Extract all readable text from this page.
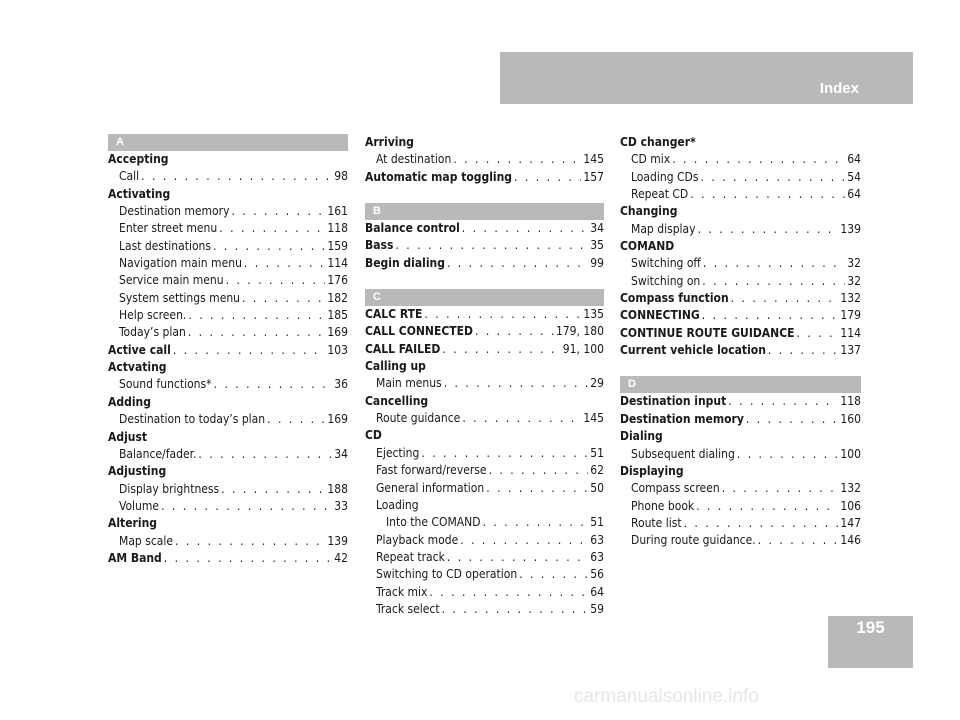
Index
A
Accepting
Call . . .	98
Activating
Destination memory . . .	161
Enter street menu . . .	118
Last destinations . . .	159
Navigation main menu . . .	114
Service main menu . . .	176
System settings menu . . .	182
Help screen. . . .	185
Today’s plan . . .	169
Active call . . .	103
Actvating
Sound functions* . . .	36
Adding
Destination to today’s plan . . .	169
Adjust
Balance/fader. . . .	34
Adjusting
Display brightness . . .	188
Volume . . .	33
Altering
Map scale . . .	139
AM Band . . .	42
Arriving
At destination . . .	145
Automatic map toggling . . .	157
B
Balance control . . .	34
Bass . . .	35
Begin dialing . . .	99
C
CALC RTE . . .	135
CALL CONNECTED . . .	179, 180
CALL FAILED . . .	91, 100
Calling up
Main menus . . .	29
Cancelling
Route guidance . . .	145
CD
Ejecting . . .	51
Fast forward/reverse . . .	62
General information . . .	50
Loading
Into the COMAND . . .	51
Playback mode . . .	63
Repeat track . . .	63
Switching to CD operation . . .	56
Track mix . . .	64
Track select . . .	59
CD changer*
CD mix . . .	64
Loading CDs . . .	54
Repeat CD . . .	64
Changing
Map display . . .	139
COMAND
Switching off . . .	32
Switching on . . .	32
Compass function . . .	132
CONNECTING . . .	179
CONTINUE ROUTE GUIDANCE . . .	114
Current vehicle location . . .	137
D
Destination input . . .	118
Destination memory . . .	160
Dialing
Subsequent dialing . . .	100
Displaying
Compass screen . . .	132
Phone book . . .	106
Route list . . .	147
During route guidance. . . .	146
195
carmanualsonline.info
